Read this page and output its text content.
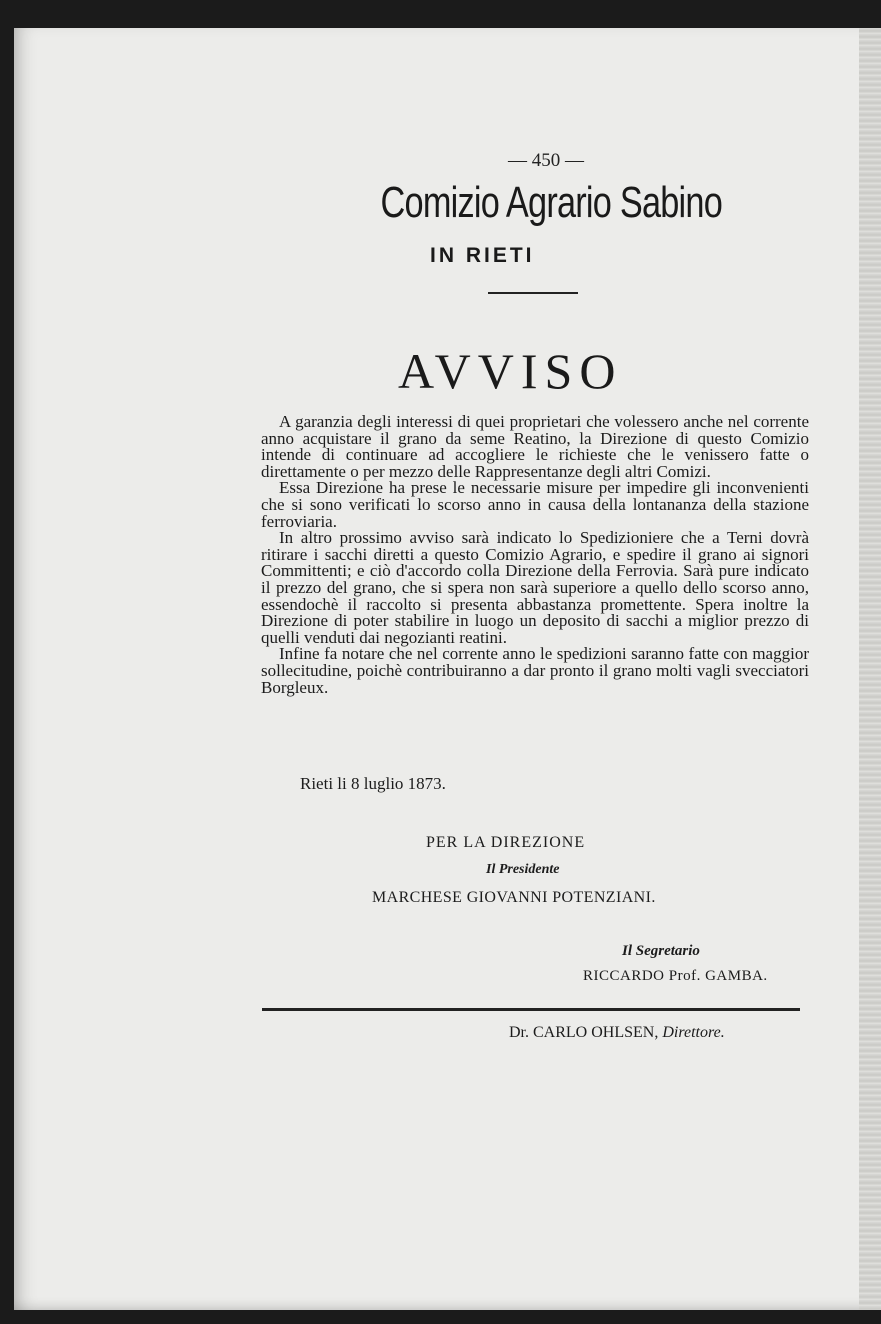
— 450 —
Comizio Agrario Sabino
IN RIETI
AVVISO

A garanzia degli interessi di quei proprietari che volessero anche nel corrente anno acquistare il grano da seme Reatino, la Direzione di questo Comizio intende di continuare ad accogliere le richieste che le venissero fatte o direttamente o per mezzo delle Rappresentanze degli altri Comizi.

Essa Direzione ha prese le necessarie misure per impedire gli inconvenienti che si sono verificati lo scorso anno in causa della lontananza della stazione ferroviaria.

In altro prossimo avviso sarà indicato lo Spedizioniere che a Terni dovrà ritirare i sacchi diretti a questo Comizio Agrario, e spedire il grano ai signori Committenti; e ciò d'accordo colla Direzione della Ferrovia. Sarà pure indicato il prezzo del grano, che si spera non sarà superiore a quello dello scorso anno, essendochè il raccolto si presenta abbastanza promettente. Spera inoltre la Direzione di poter stabilire in luogo un deposito di sacchi a miglior prezzo di quelli venduti dai negozianti reatini.

Infine fa notare che nel corrente anno le spedizioni saranno fatte con maggior sollecitudine, poichè contribuiranno a dar pronto il grano molti vagli svecciatori Borgleux.

Rieti li 8 luglio 1873.
PER LA DIREZIONE
Il Presidente
MARCHESE GIOVANNI POTENZIANI.
Il Segretario
RICCARDO Prof. GAMBA.
Dr. CARLO OHLSEN, Direttore.
